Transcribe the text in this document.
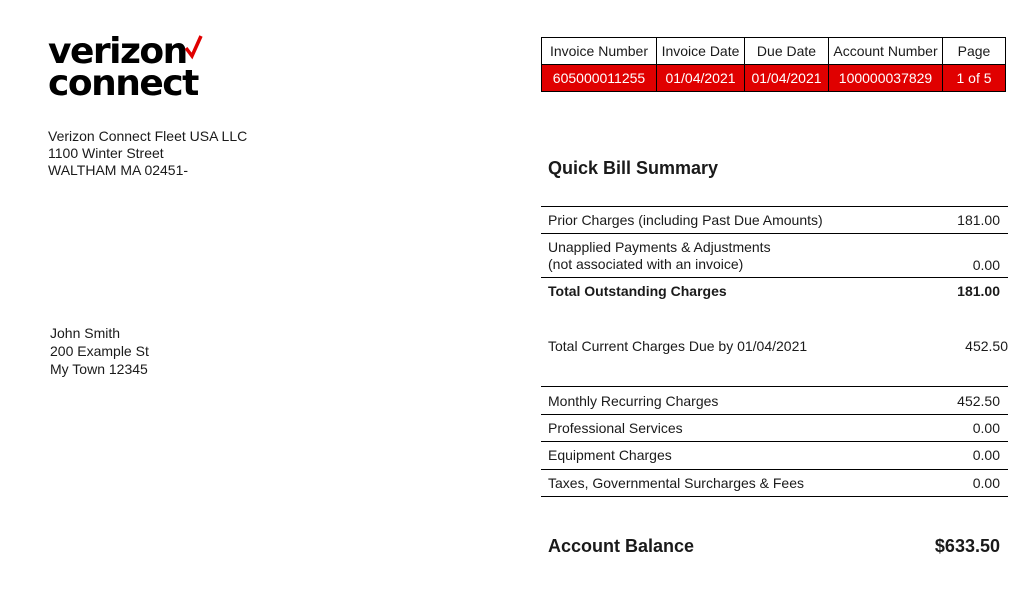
verizon
connect
Verizon Connect Fleet USA LLC
1100 Winter Street
WALTHAM MA 02451-
John Smith
200 Example St
My Town 12345
Invoice Number	Invoice Date	Due Date	Account Number	Page
605000011255	01/04/2021	01/04/2021	100000037829	1 of 5
Quick Bill Summary
Prior Charges (including Past Due Amounts)	181.00
Unapplied Payments & Adjustments
(not associated with an invoice)	0.00
Total Outstanding Charges	181.00
Total Current Charges Due by 01/04/2021	452.50
Monthly Recurring Charges	452.50
Professional Services	0.00
Equipment Charges	0.00
Taxes, Governmental Surcharges & Fees	0.00
Account Balance	$633.50
